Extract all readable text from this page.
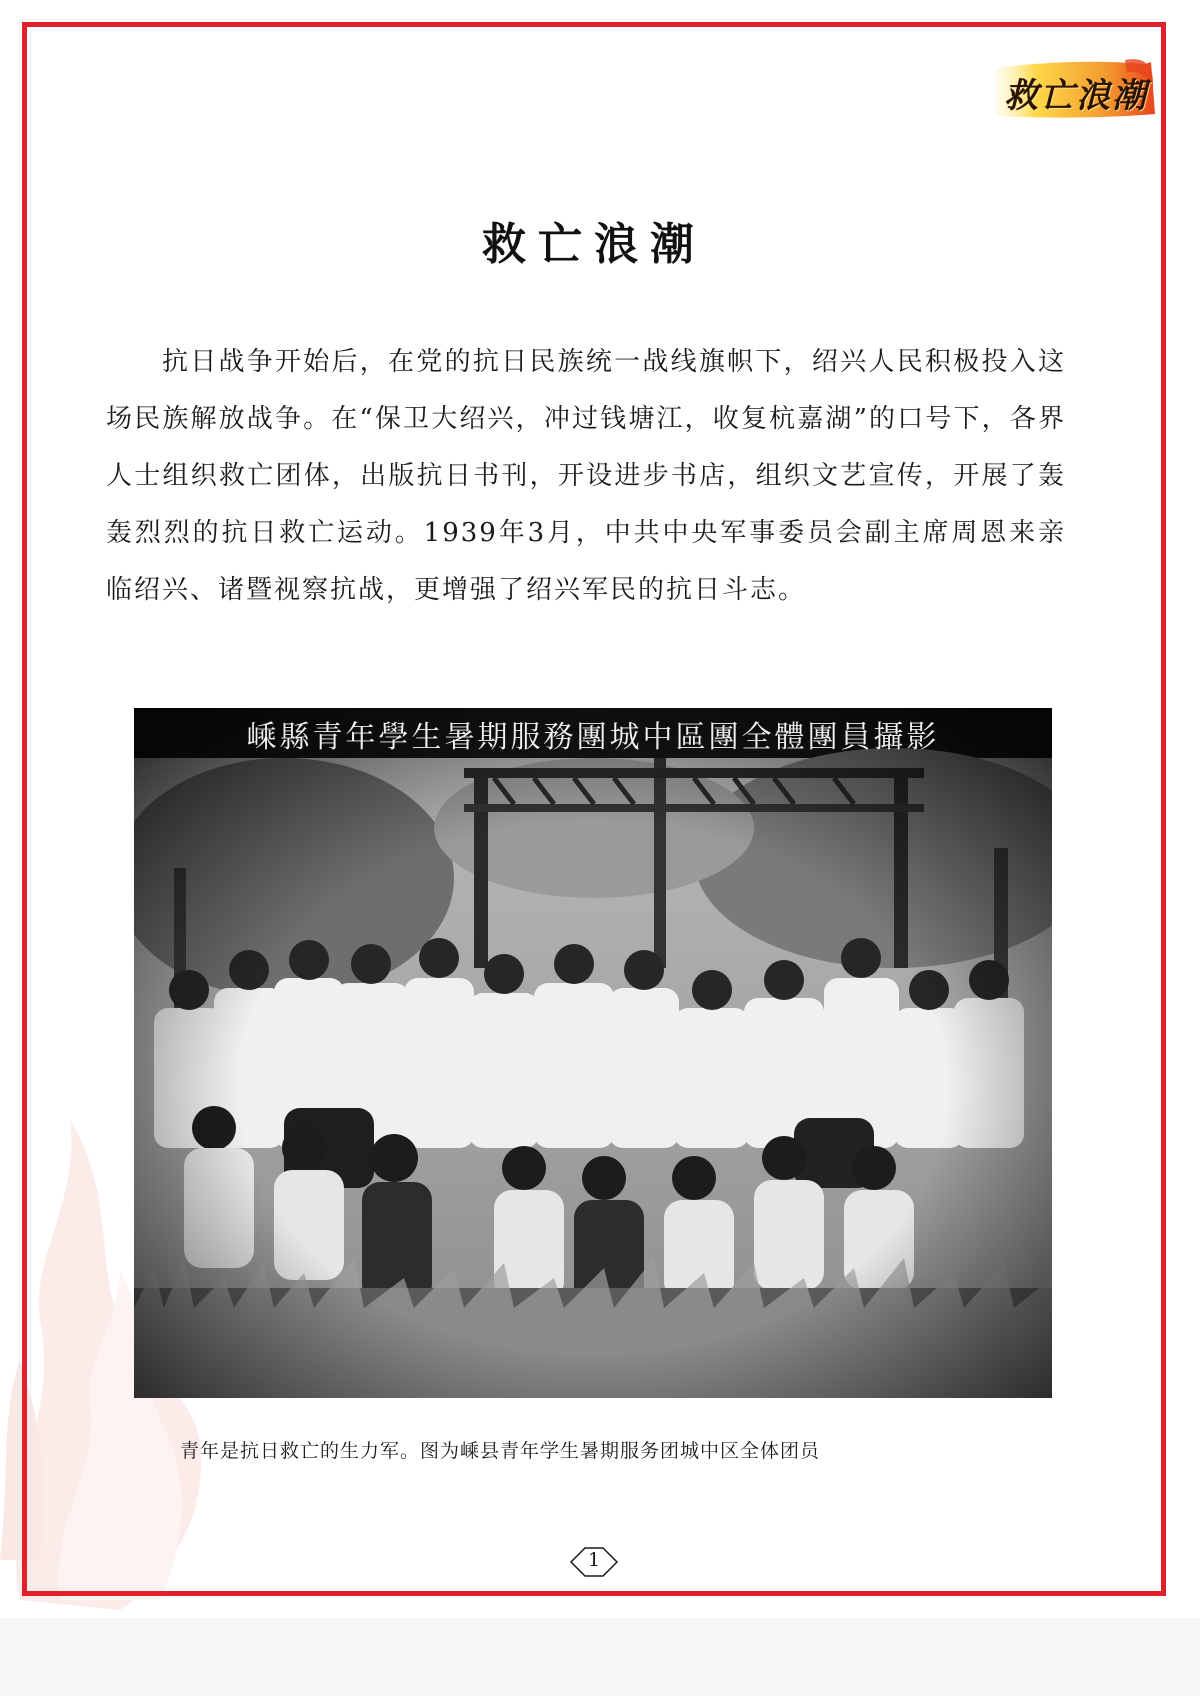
救亡浪潮
救亡浪潮

抗日战争开始后，在党的抗日民族统一战线旗帜下，绍兴人民积极投入这场民族解放战争。在“保卫大绍兴，冲过钱塘江，收复杭嘉湖”的口号下，各界人士组织救亡团体，出版抗日书刊，开设进步书店，组织文艺宣传，开展了轰轰烈烈的抗日救亡运动。1939年3月，中共中央军事委员会副主席周恩来亲临绍兴、诸暨视察抗战，更增强了绍兴军民的抗日斗志。

嵊縣青年學生暑期服務團城中區團全體團員攝影

青年是抗日救亡的生力军。图为嵊县青年学生暑期服务团城中区全体团员

1
